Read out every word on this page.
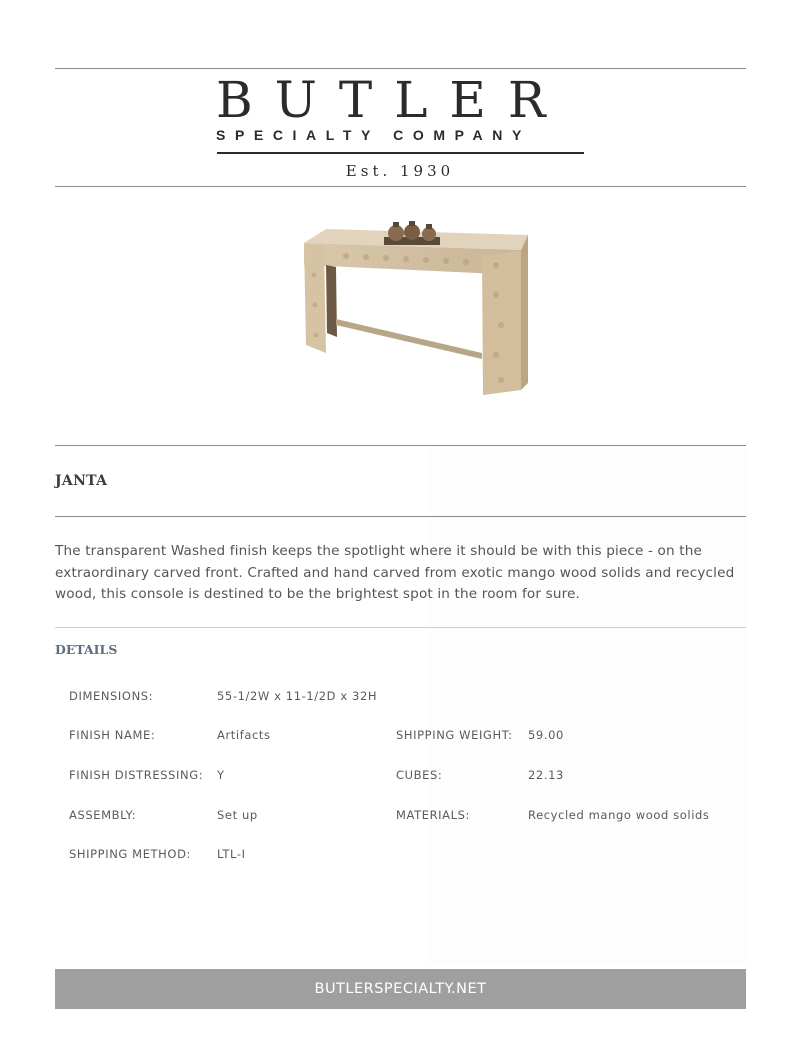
BUTLER
SPECIALTY COMPANY
Est. 1930
JANTA
The transparent Washed finish keeps the spotlight where it should be with this piece - on the extraordinary carved front. Crafted and hand carved from exotic mango wood solids and recycled wood, this console is destined to be the brightest spot in the room for sure.
DETAILS
DIMENSIONS:	55-1/2W x 11-1/2D x 32H
FINISH NAME:	Artifacts	SHIPPING WEIGHT: 59.00
FINISH DISTRESSING: Y	CUBES:	22.13
ASSEMBLY:	Set up	MATERIALS:	Recycled mango wood solids
SHIPPING METHOD: LTL-I
BUTLERSPECIALTY.NET
